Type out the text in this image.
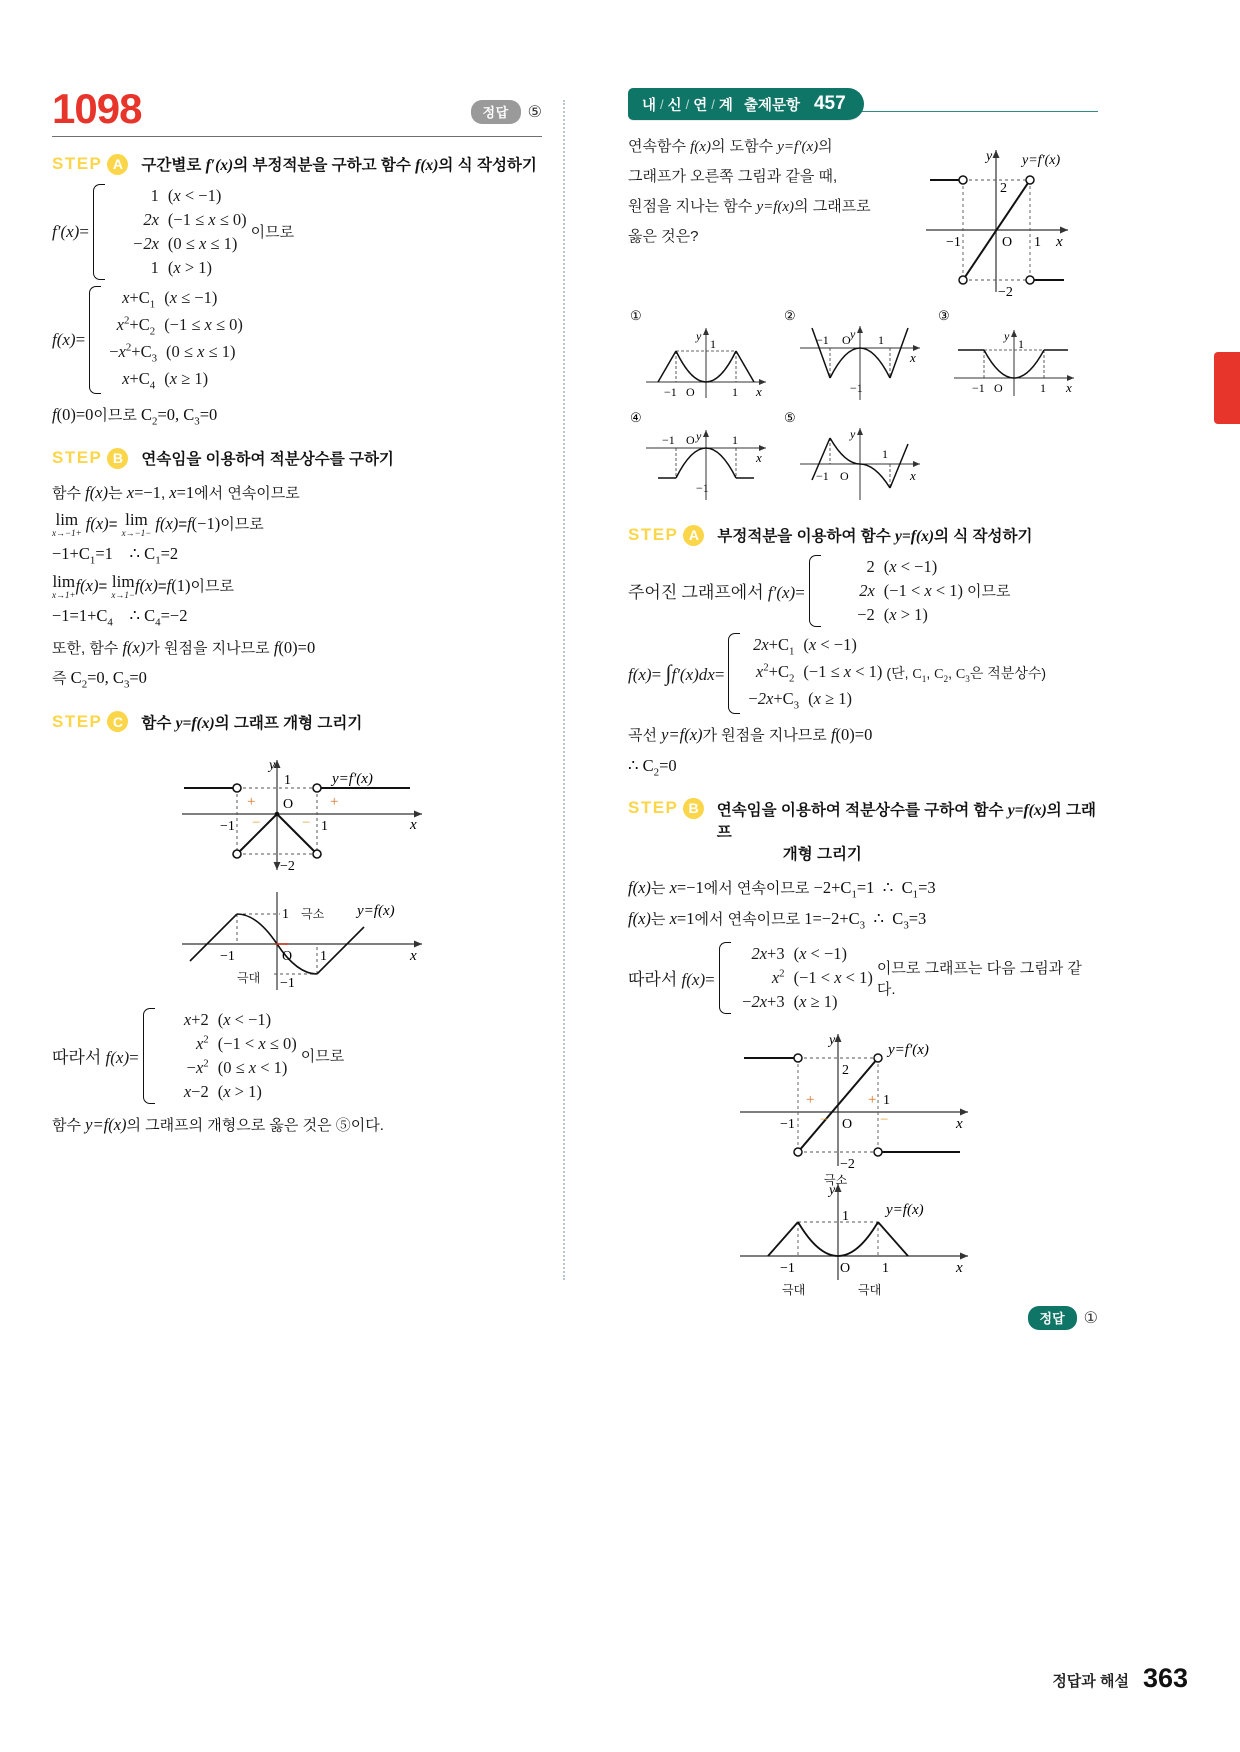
1098	정답	⑤
STEP A	구간별로 f′(x)의 부정적분을 구하고 함수 f(x)의 식 작성하기
f′(x)=
1 (x < −1)
2x (−1 ≤ x ≤ 0)
−2x (0 ≤ x ≤ 1)
1 (x > 1)
이므로
f(x)=
$x+C_1$ (x ≤ −1)
$x^2+C_2$ (−1 ≤ x ≤ 0)
$-x^2+C_3$ (0 ≤ x ≤ 1)
$x+C_4$ (x ≥ 1)
f(0)=0이므로 $C_2=0$, $C_3=0$
STEP B	연속임을 이용하여 적분상수를 구하기
함수 f(x)는 x=−1, x=1에서 연속이므로
lim
x→−1+
f(x)= lim
x→−1−
f(x)=f(−1)이므로
$-1+C_1=1$ ∴ $C_1=2$
lim
x→1+
f(x)= lim
x→1−
f(x)=f(1)이므로
$-1=1+C_4$ ∴ $C_4=-2$
또한, 함수 f(x)가 원점을 지나므로 f(0)=0
즉 $C_2=0$, $C_3=0$
STEP C	함수 y=f(x)의 그래프 개형 그리기
y
x
O
1
−1	1
−2
y=f′(x)
+	+
−	−
1
−1	O 1
−1
x
y=f(x)
극소
극대
따라서 f(x)=
x+2 (x < −1)
$x^2$ (−1 < x ≤ 0)
$-x^2$ (0 ≤ x < 1)
x−2 (x > 1)
이므로
함수 y=f(x)의 그래프의 개형으로 옳은 것은 ⑤이다.
내 / 신 / 연 / 계 출제문항 457
연속함수 f(x)의 도함수 y=f′(x)의
그래프가 오른쪽 그림과 같을 때,
원점을 지나는 함수 y=f(x)의 그래프로
옳은 것은?
y
x
O
2
−1	1
−2
y=f′(x)
①
y
1
−1 O	1 x
②
y
−1 O 1
x
−1
③
y
1
−1 O	1 x
④
y
−1 O	1
x
−1
⑤
y
−1 O
1
x
STEP A	부정적분을 이용하여 함수 y=f(x)의 식 작성하기
주어진 그래프에서 f′(x)=
2 (x < −1)
2x (−1 < x < 1)
−2 (x > 1)
이므로
f(x)= ∫f′(x)dx=
$2x+C_1$ (x < −1)
$x^2+C_2$ (−1 ≤ x < 1)
$-2x+C_3$ (x ≥ 1)
(단, $C_1$, $C_2$, $C_3$은 적분상수)
곡선 y=f(x)가 원점을 지나므로 f(0)=0
∴ $C_2=0$
STEP B	연속임을 이용하여 적분상수를 구하여 함수 y=f(x)의 그래프
개형 그리기
f(x)는 x=−1에서 연속이므로 $-2+C_1=1$ ∴ $C_1=3$
f(x)는 x=1에서 연속이므로 $1=-2+C_3$ ∴ $C_3=3$
따라서 f(x)=
2x+3 (x < −1)
$x^2$ (−1 < x < 1)
−2x+3 (x ≥ 1)
이므로 그래프는 다음 그림과 같다.
y
x
O
2
−1
1
−2
y=f′(x)
+	+
−	−
y
x
O
1
−1	1
y=f(x)
극소
극대	극대
정답	①
정답과 해설 363
